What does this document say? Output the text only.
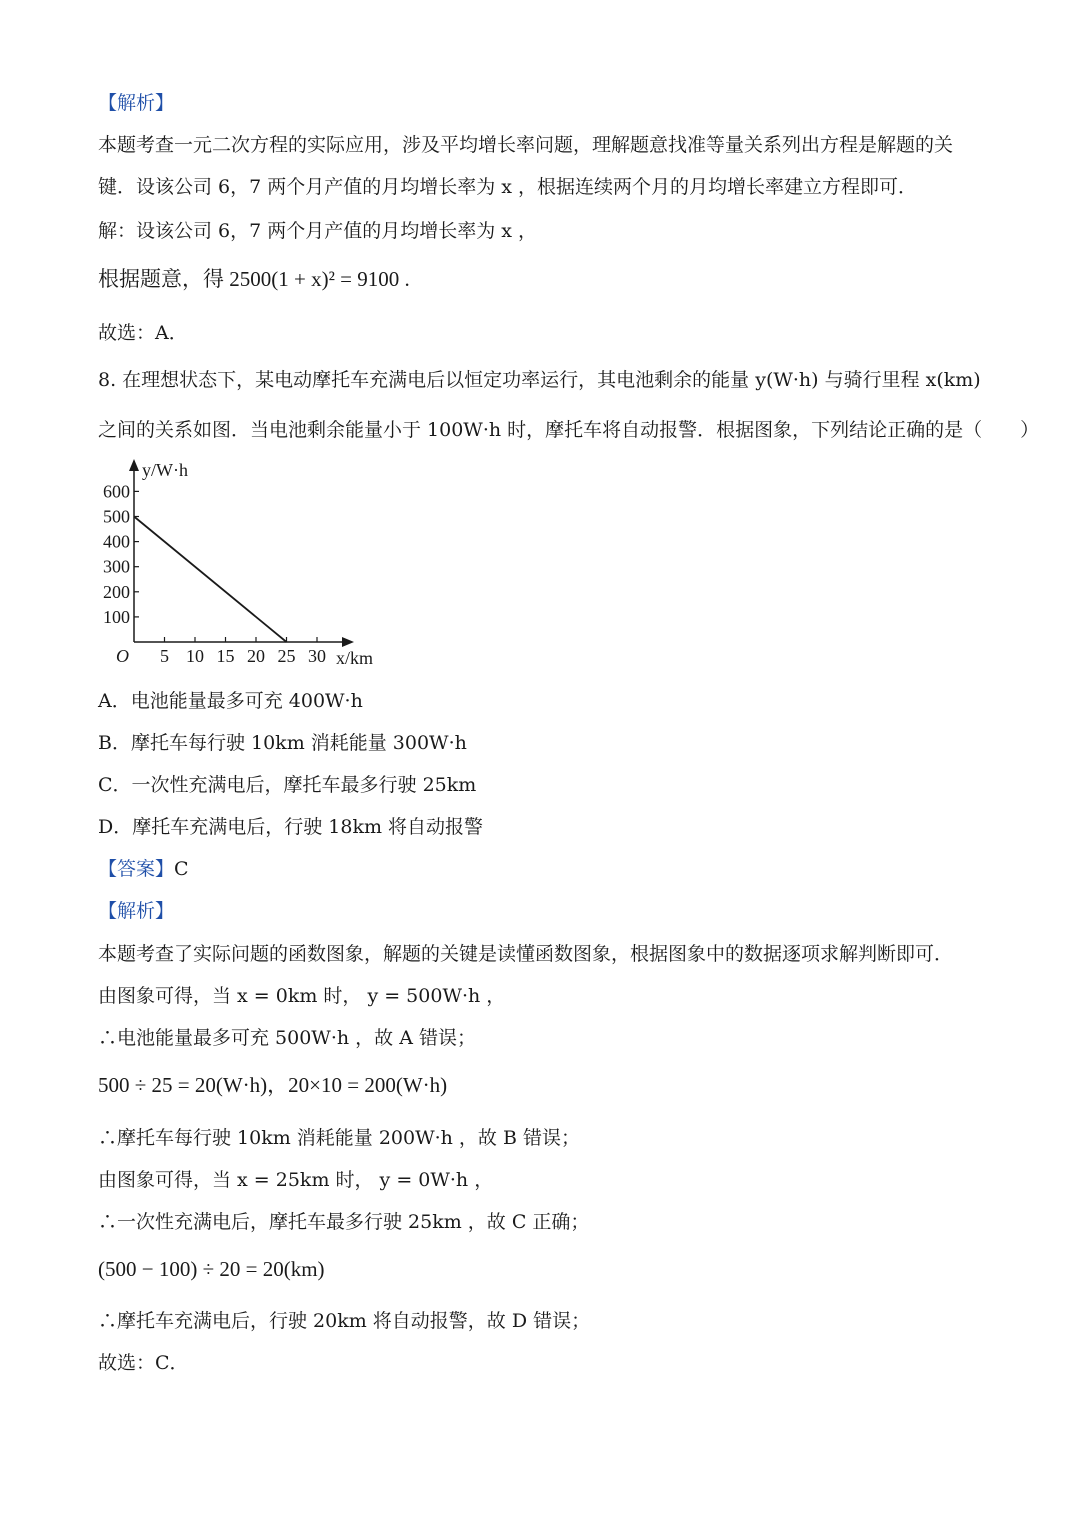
【解析】
本题考查一元二次方程的实际应用，涉及平均增长率问题，理解题意找准等量关系列出方程是解题的关
键．设该公司 6，7 两个月产值的月均增长率为 x ，根据连续两个月的月均增长率建立方程即可．
解：设该公司 6，7 两个月产值的月均增长率为 x ，
根据题意，得 2500(1 + x)² = 9100 .
故选：A．
8. 在理想状态下，某电动摩托车充满电后以恒定功率运行，其电池剩余的能量 y(W·h) 与骑行里程 x(km)
之间的关系如图．当电池剩余能量小于 100W·h 时，摩托车将自动报警．根据图象，下列结论正确的是（　　）
y/W·h
x/km
O 5 10 15 20 25 30
100
200
300
400
500
600
A．电池能量最多可充 400W·h
B．摩托车每行驶 10km 消耗能量 300W·h
C．一次性充满电后，摩托车最多行驶 25km
D．摩托车充满电后，行驶 18km 将自动报警
【答案】C
【解析】
本题考查了实际问题的函数图象，解题的关键是读懂函数图象，根据图象中的数据逐项求解判断即可．
由图象可得，当 x = 0km 时， y = 500W·h ，
∴电池能量最多可充 500W·h ，故 A 错误；
500 ÷ 25 = 20(W·h)，20×10 = 200(W·h)
∴摩托车每行驶 10km 消耗能量 200W·h ，故 B 错误；
由图象可得，当 x = 25km 时， y = 0W·h ，
∴一次性充满电后，摩托车最多行驶 25km ，故 C 正确；
(500 − 100) ÷ 20 = 20(km)
∴摩托车充满电后，行驶 20km 将自动报警，故 D 错误；
故选：C．
